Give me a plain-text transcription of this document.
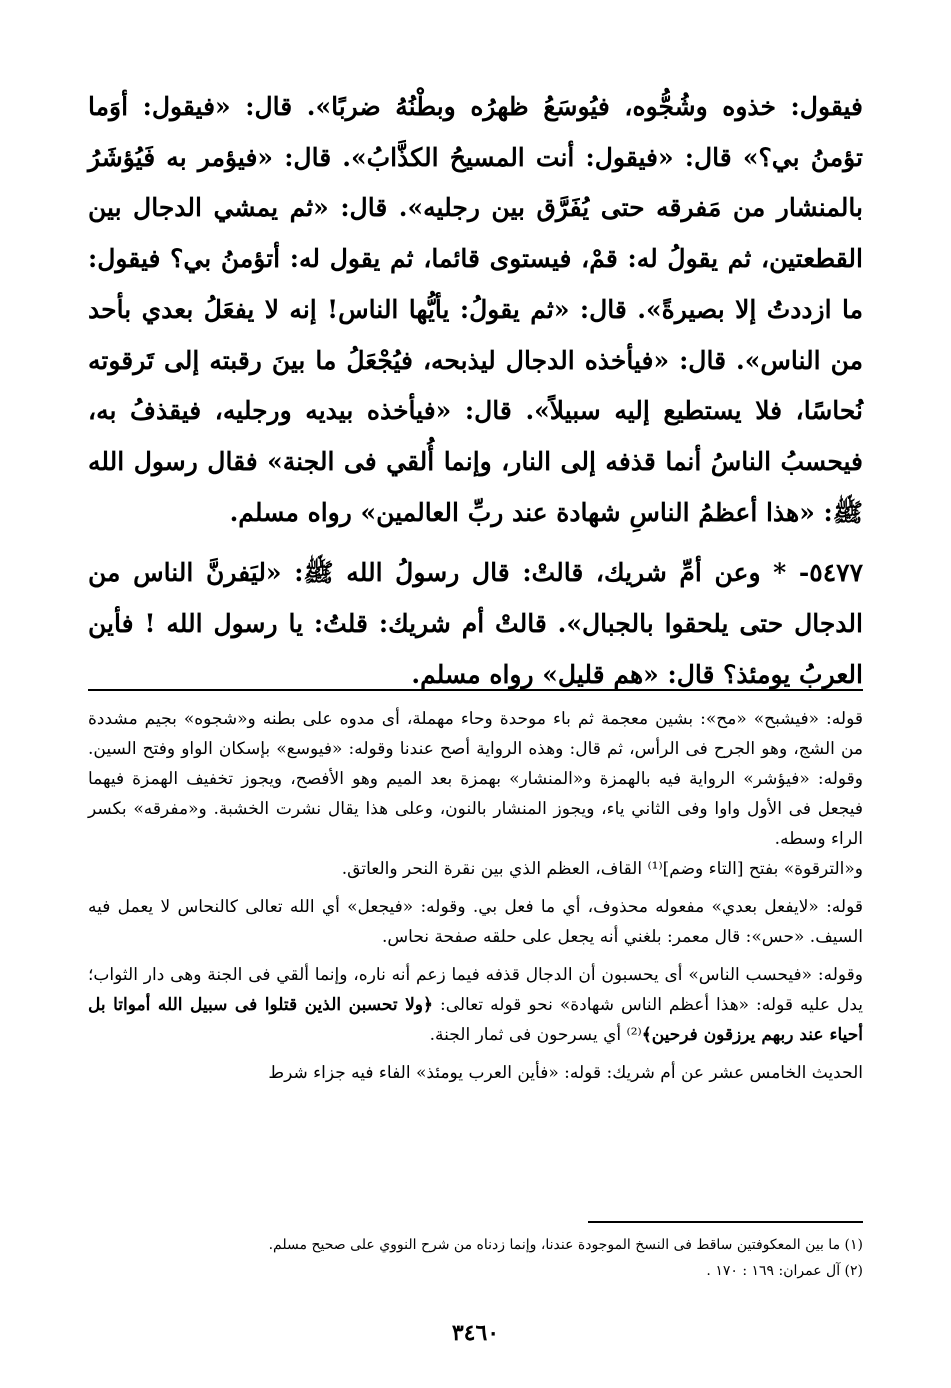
فيقول: خذوه وشُجُّوه، فيُوسَعُ ظهرُه وبطْنُهُ ضربًا». قال: «فيقول: أوَما تؤمنُ بي؟» قال: «فيقول: أنت المسيحُ الكذَّابُ». قال: «فيؤمر به فَيُؤشَرُ بالمنشار من مَفرقه حتى يُفَرَّق بين رجليه». قال: «ثم يمشي الدجال بين القطعتين، ثم يقولُ له: قمْ، فيستوى قائما، ثم يقول له: أتؤمنُ بي؟ فيقول: ما ازددتُ إلا بصيرةً». قال: «ثم يقولُ: يأيُّها الناس! إنه لا يفعَلُ بعدي بأحد من الناس». قال: «فيأخذه الدجال ليذبحه، فيُجْعَلُ ما بينَ رقبته إلى تَرقوته نُحاسًا، فلا يستطيع إليه سبيلاً». قال: «فيأخذه بيديه ورجليه، فيقذفُ به، فيحسبُ الناسُ أنما قذفه إلى النار، وإنما أُلقي فى الجنة» فقال رسول الله ﷺ: «هذا أعظمُ الناسِ شهادة عند ربِّ العالمين» رواه مسلم.

٥٤٧٧- * وعن أمِّ شريك، قالتْ: قال رسولُ الله ﷺ: «ليَفرنَّ الناس من الدجال حتى يلحقوا بالجبال». قالتْ أم شريك: قلتُ: يا رسول الله ! فأين العربُ يومئذ؟ قال: «هم قليل» رواه مسلم.

قوله: «فيشبح» «مح»: بشين معجمة ثم باء موحدة وحاء مهملة، أى مدوه على بطنه و«شجوه» بجيم مشددة من الشج، وهو الجرح فى الرأس، ثم قال: وهذه الرواية أصح عندنا وقوله: «فيوسع» بإسكان الواو وفتح السين. وقوله: «فيؤشر» الرواية فيه بالهمزة و«المنشار» بهمزة بعد الميم وهو الأفصح، ويجوز تخفيف الهمزة فيهما فيجعل فى الأول واوا وفى الثاني ياء، ويجوز المنشار بالنون، وعلى هذا يقال نشرت الخشبة. و«مفرقه» بكسر الراء وسطه.
و«الترقوة» بفتح [التاء وضم]⁽¹⁾ القاف، العظم الذي بين نقرة النحر والعاتق.

قوله: «لايفعل بعدي» مفعوله محذوف، أي ما فعل بي. وقوله: «فيجعل» أي الله تعالى كالنحاس لا يعمل فيه السيف. «حس»: قال معمر: بلغني أنه يجعل على حلقه صفحة نحاس.

وقوله: «فيحسب الناس» أى يحسبون أن الدجال قذفه فيما زعم أنه ناره، وإنما ألقي فى الجنة وهى دار الثواب؛ يدل عليه قوله: «هذا أعظم الناس شهادة» نحو قوله تعالى: ﴿ولا تحسبن الذين قتلوا فى سبيل الله أمواتا بل أحياء عند ربهم يرزقون فرحين﴾⁽²⁾ أي يسرحون فى ثمار الجنة.

الحديث الخامس عشر عن أم شريك: قوله: «فأين العرب يومئذ» الفاء فيه جزاء شرط

(١) ما بين المعكوفتين ساقط فى النسخ الموجودة عندنا، وإنما زدناه من شرح النووي على صحيح مسلم.

(٢) آل عمران: ١٦٩ : ١٧٠ .

٣٤٦٠
